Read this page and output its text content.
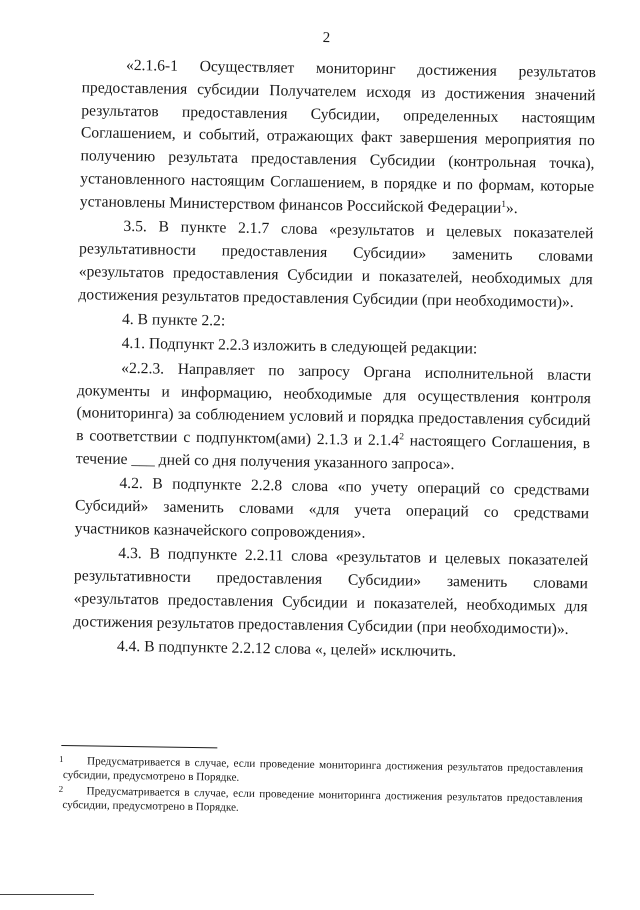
2

«2.1.6-1 Осуществляет мониторинг достижения результатов предоставления субсидии Получателем исходя из достижения значений результатов предоставления Субсидии, определенных настоящим Соглашением, и событий, отражающих факт завершения мероприятия по получению результата предоставления Субсидии (контрольная точка), установленного настоящим Соглашением, в порядке и по формам, которые установлены Министерством финансов Российской Федерации$^1$».

3.5. В пункте 2.1.7 слова «результатов и целевых показателей результативности предоставления Субсидии» заменить словами «результатов предоставления Субсидии и показателей, необходимых для достижения результатов предоставления Субсидии (при необходимости)».

4. В пункте 2.2:

4.1. Подпункт 2.2.3 изложить в следующей редакции:

«2.2.3. Направляет по запросу Органа исполнительной власти документы и информацию, необходимые для осуществления контроля (мониторинга) за соблюдением условий и порядка предоставления субсидий в соответствии с подпунктом(ами) 2.1.3 и 2.1.4$^2$ настоящего Соглашения, в течение ___ дней со дня получения указанного запроса».

4.2. В подпункте 2.2.8 слова «по учету операций со средствами Субсидий» заменить словами «для учета операций со средствами участников казначейского сопровождения».

4.3. В подпункте 2.2.11 слова «результатов и целевых показателей результативности предоставления Субсидии» заменить словами «результатов предоставления Субсидии и показателей, необходимых для достижения результатов предоставления Субсидии (при необходимости)».

4.4. В подпункте 2.2.12 слова «, целей» исключить.

1	Предусматривается в случае, если проведение мониторинга достижения результатов предоставления субсидии, предусмотрено в Порядке.
2	Предусматривается в случае, если проведение мониторинга достижения результатов предоставления субсидии, предусмотрено в Порядке.
